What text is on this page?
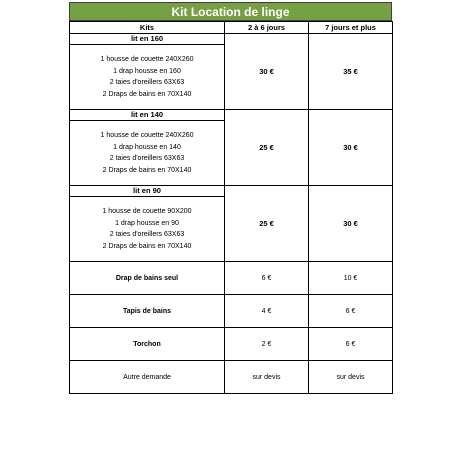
Kit Location de linge
Kits	2 à 6 jours	7 jours et plus
lit en 160	30 €	35 €

1 housse de couette 240X260
1 drap housse en 160
2 taies d'oreillers 63X63
2 Draps de bains en 70X140		

lit en 140	25 €	30 €

1 housse de couette 240X260
1 drap housse en 140
2 taies d'oreillers 63X63
2 Draps de bains en 70X140		

lit en 90	25 €	30 €

1 housse de couette 90X200
1 drap housse en 90
2 taies d'oreillers 63X63
2 Draps de bains en 70X140		

Drap de bains seul	6 €	10 €
Tapis de bains	4 €	6 €
Torchon	2 €	6 €
Autre demande	sur devis	sur devis
